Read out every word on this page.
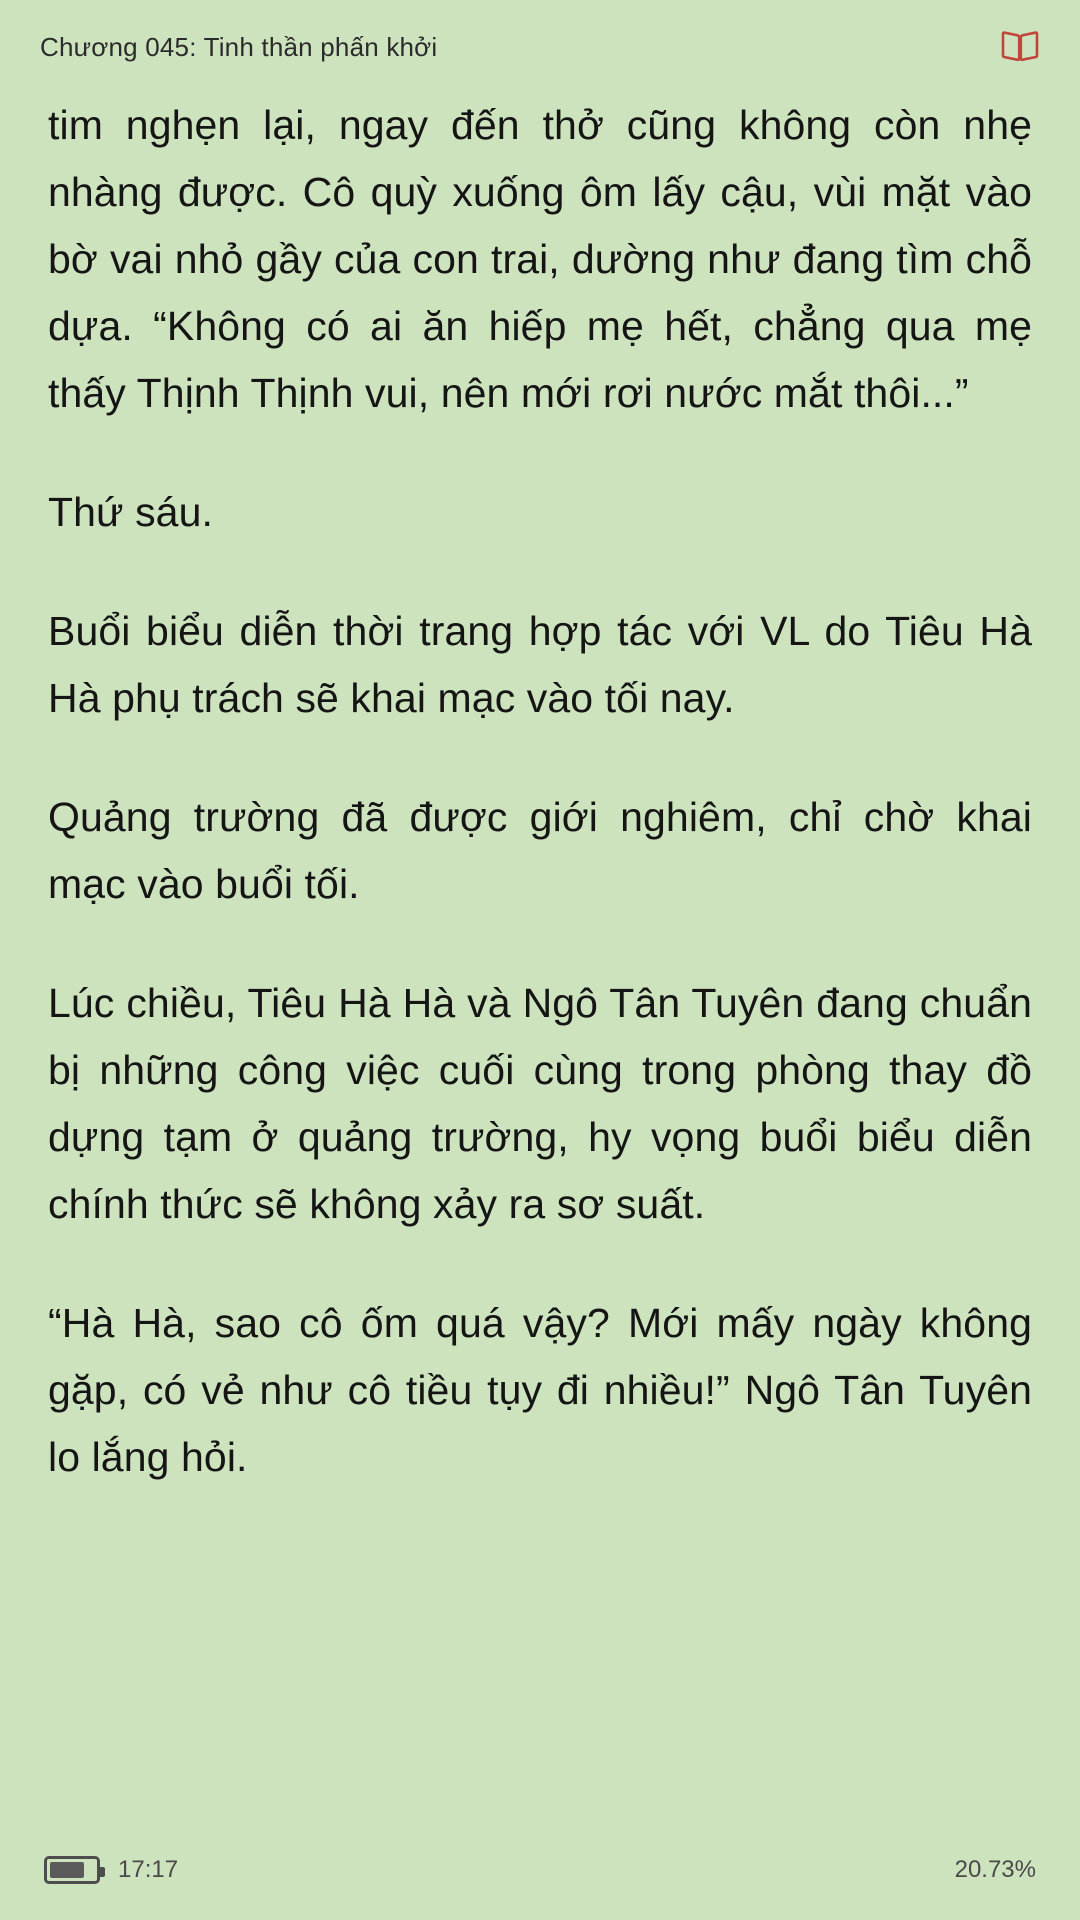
Chương 045: Tinh thần phấn khởi

tim nghẹn lại, ngay đến thở cũng không còn nhẹ nhàng được. Cô quỳ xuống ôm lấy cậu, vùi mặt vào bờ vai nhỏ gầy của con trai, dường như đang tìm chỗ dựa. “Không có ai ăn hiếp mẹ hết, chẳng qua mẹ thấy Thịnh Thịnh vui, nên mới rơi nước mắt thôi...”

Thứ sáu.

Buổi biểu diễn thời trang hợp tác với VL do Tiêu Hà Hà phụ trách sẽ khai mạc vào tối nay.

Quảng trường đã được giới nghiêm, chỉ chờ khai mạc vào buổi tối.

Lúc chiều, Tiêu Hà Hà và Ngô Tân Tuyên đang chuẩn bị những công việc cuối cùng trong phòng thay đồ dựng tạm ở quảng trường, hy vọng buổi biểu diễn chính thức sẽ không xảy ra sơ suất.

“Hà Hà, sao cô ốm quá vậy? Mới mấy ngày không gặp, có vẻ như cô tiều tụy đi nhiều!” Ngô Tân Tuyên lo lắng hỏi.

17:17	20.73%
